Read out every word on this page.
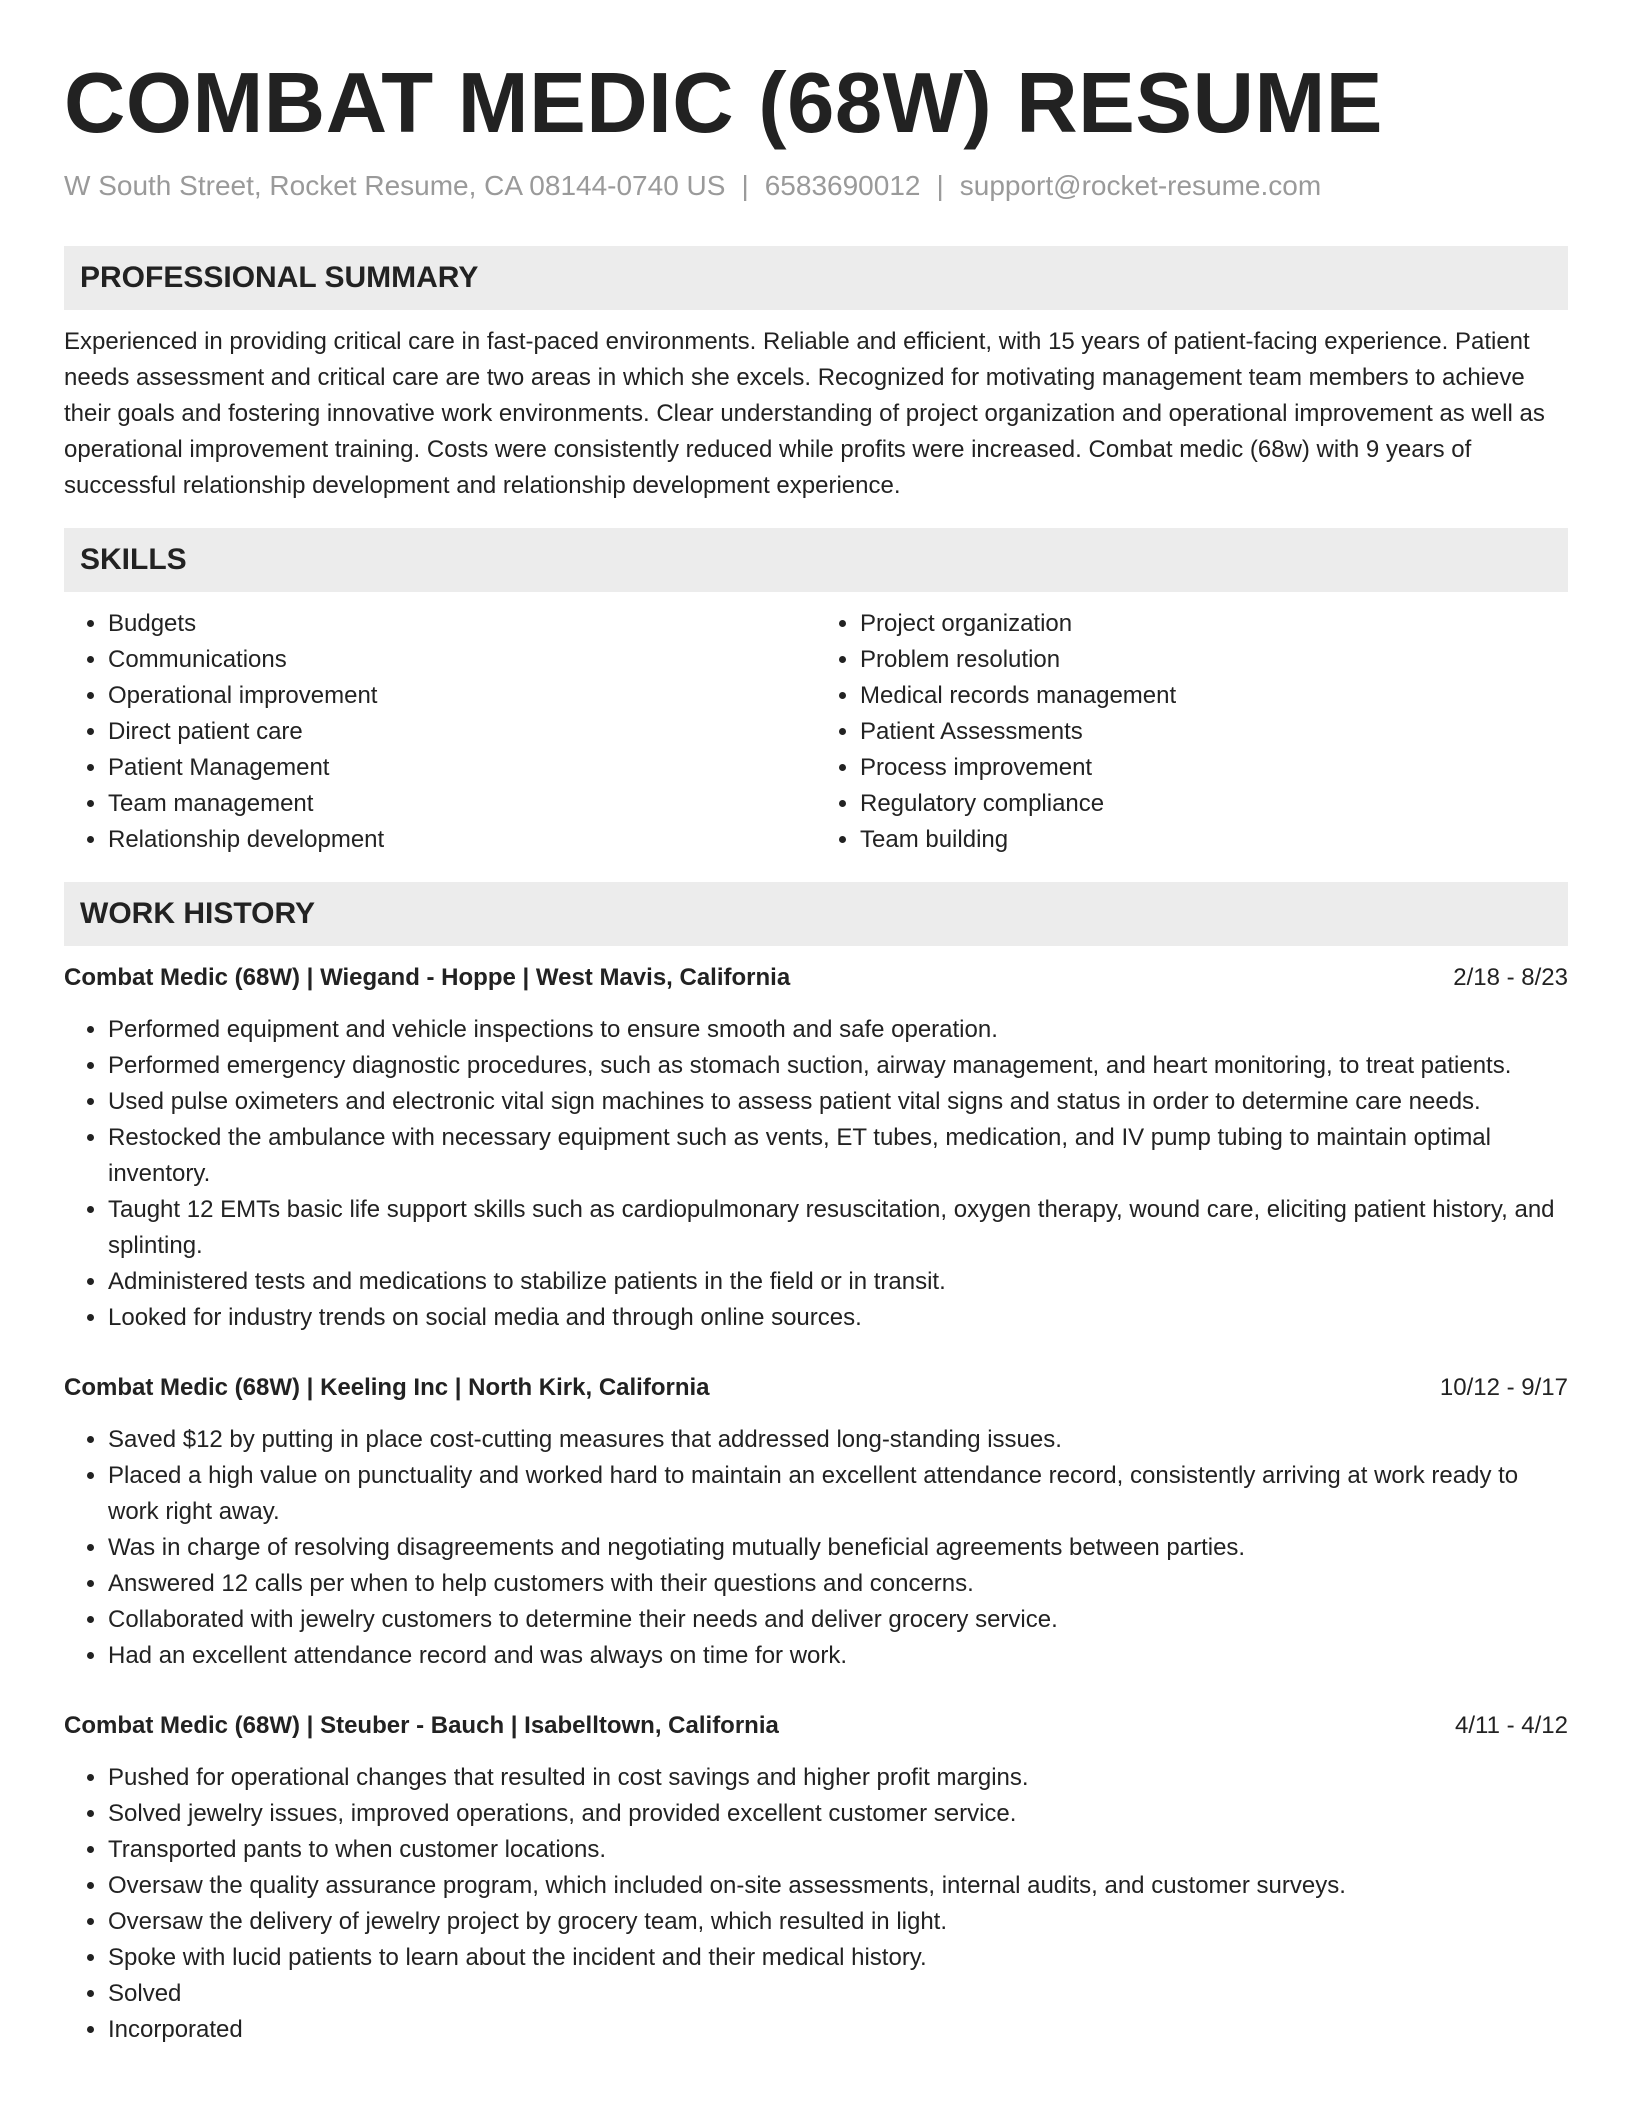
COMBAT MEDIC (68W) RESUME
W South Street, Rocket Resume, CA 08144-0740 US | 6583690012 | support@rocket-resume.com
PROFESSIONAL SUMMARY
Experienced in providing critical care in fast-paced environments. Reliable and efficient, with 15 years of patient-facing experience. Patient needs assessment and critical care are two areas in which she excels. Recognized for motivating management team members to achieve their goals and fostering innovative work environments. Clear understanding of project organization and operational improvement as well as operational improvement training. Costs were consistently reduced while profits were increased. Combat medic (68w) with 9 years of successful relationship development and relationship development experience.
SKILLS
• Budgets
• Communications
• Operational improvement
• Direct patient care
• Patient Management
• Team management
• Relationship development
• Project organization
• Problem resolution
• Medical records management
• Patient Assessments
• Process improvement
• Regulatory compliance
• Team building
WORK HISTORY
Combat Medic (68W) | Wiegand - Hoppe | West Mavis, California	2/18 - 8/23
• Performed equipment and vehicle inspections to ensure smooth and safe operation.
• Performed emergency diagnostic procedures, such as stomach suction, airway management, and heart monitoring, to treat patients.
• Used pulse oximeters and electronic vital sign machines to assess patient vital signs and status in order to determine care needs.
• Restocked the ambulance with necessary equipment such as vents, ET tubes, medication, and IV pump tubing to maintain optimal inventory.
• Taught 12 EMTs basic life support skills such as cardiopulmonary resuscitation, oxygen therapy, wound care, eliciting patient history, and splinting.
• Administered tests and medications to stabilize patients in the field or in transit.
• Looked for industry trends on social media and through online sources.
Combat Medic (68W) | Keeling Inc | North Kirk, California	10/12 - 9/17
• Saved $12 by putting in place cost-cutting measures that addressed long-standing issues.
• Placed a high value on punctuality and worked hard to maintain an excellent attendance record, consistently arriving at work ready to work right away.
• Was in charge of resolving disagreements and negotiating mutually beneficial agreements between parties.
• Answered 12 calls per when to help customers with their questions and concerns.
• Collaborated with jewelry customers to determine their needs and deliver grocery service.
• Had an excellent attendance record and was always on time for work.
Combat Medic (68W) | Steuber - Bauch | Isabelltown, California	4/11 - 4/12
• Pushed for operational changes that resulted in cost savings and higher profit margins.
• Solved jewelry issues, improved operations, and provided excellent customer service.
• Transported pants to when customer locations.
• Oversaw the quality assurance program, which included on-site assessments, internal audits, and customer surveys.
• Oversaw the delivery of jewelry project by grocery team, which resulted in light.
• Spoke with lucid patients to learn about the incident and their medical history.
• Solved
• Incorporated
